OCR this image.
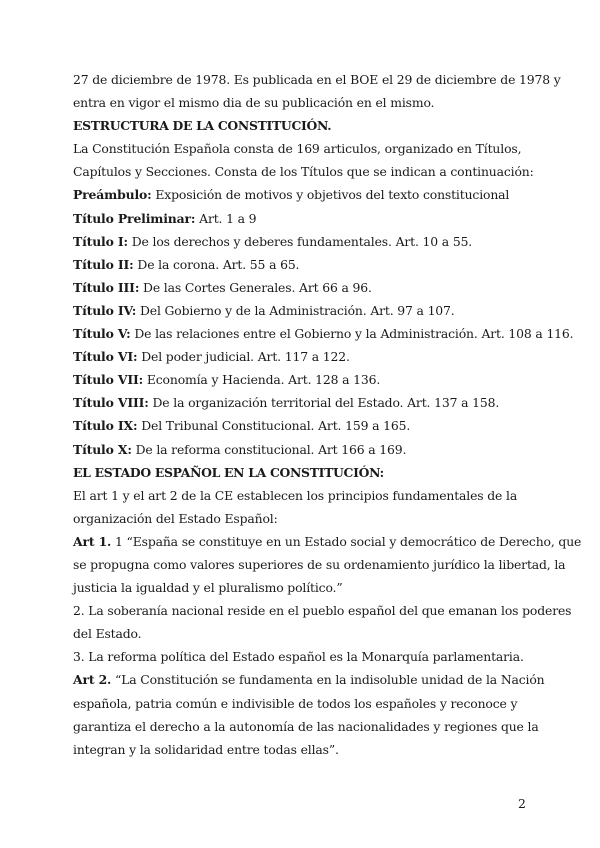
27 de diciembre de 1978. Es publicada en el BOE el 29 de diciembre de 1978 y
entra en vigor el mismo dia de su publicación en el mismo.
ESTRUCTURA DE LA CONSTITUCIÓN.
La Constitución Española consta de 169 articulos, organizado en Títulos,
Capítulos y Secciones. Consta de los Títulos que se indican a continuación:
Preámbulo: Exposición de motivos y objetivos del texto constitucional
Título Preliminar: Art. 1 a 9
Título I: De los derechos y deberes fundamentales. Art. 10 a 55.
Título II: De la corona. Art. 55 a 65.
Título III: De las Cortes Generales. Art 66 a 96.
Título IV: Del Gobierno y de la Administración. Art. 97 a 107.
Título V: De las relaciones entre el Gobierno y la Administración. Art. 108 a 116.
Título VI: Del poder judicial. Art. 117 a 122.
Título VII: Economía y Hacienda. Art. 128 a 136.
Título VIII: De la organización territorial del Estado. Art. 137 a 158.
Título IX: Del Tribunal Constitucional. Art. 159 a 165.
Título X: De la reforma constitucional. Art 166 a 169.
EL ESTADO ESPAÑOL EN LA CONSTITUCIÓN:
El art 1 y el art 2 de la CE establecen los principios fundamentales de la
organización del Estado Español:
Art 1. 1 “España se constituye en un Estado social y democrático de Derecho, que
se propugna como valores superiores de su ordenamiento jurídico la libertad, la
justicia la igualdad y el pluralismo político.”
2. La soberanía nacional reside en el pueblo español del que emanan los poderes
del Estado.
3. La reforma política del Estado español es la Monarquía parlamentaria.
Art 2. “La Constitución se fundamenta en la indisoluble unidad de la Nación
española, patria común e indivisible de todos los españoles y reconoce y
garantiza el derecho a la autonomía de las nacionalidades y regiones que la
integran y la solidaridad entre todas ellas”.
2
